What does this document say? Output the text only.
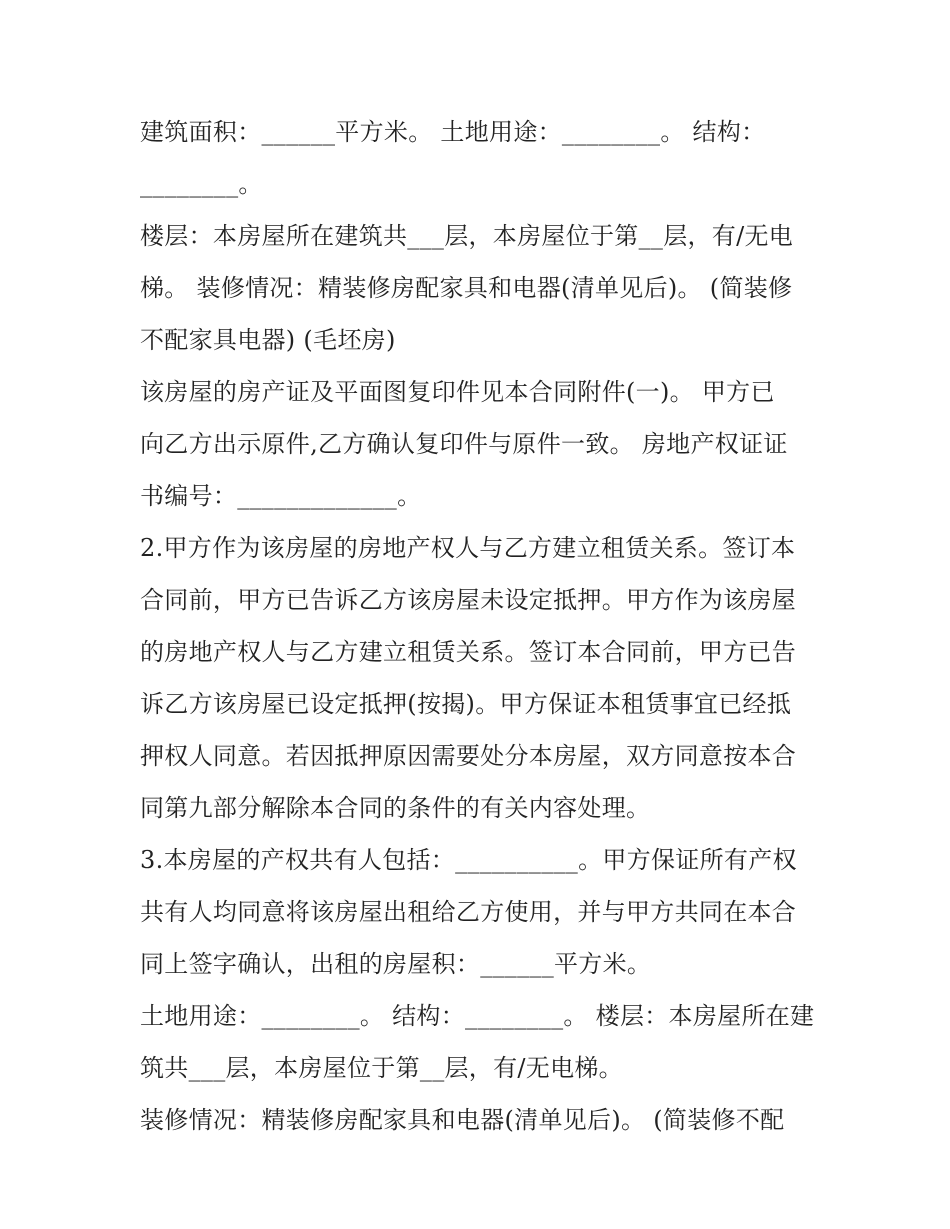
建筑面积：______平方米。 土地用途：________。 结构：
________。
楼层：本房屋所在建筑共___层，本房屋位于第__层，有/无电
梯。 装修情况：精装修房配家具和电器(清单见后)。 (简装修
不配家具电器) (毛坯房)
该房屋的房产证及平面图复印件见本合同附件(一)。 甲方已
向乙方出示原件,乙方确认复印件与原件一致。 房地产权证证
书编号：_____________。
2.甲方作为该房屋的房地产权人与乙方建立租赁关系。签订本
合同前，甲方已告诉乙方该房屋未设定抵押。甲方作为该房屋
的房地产权人与乙方建立租赁关系。签订本合同前，甲方已告
诉乙方该房屋已设定抵押(按揭)。甲方保证本租赁事宜已经抵
押权人同意。若因抵押原因需要处分本房屋，双方同意按本合
同第九部分解除本合同的条件的有关内容处理。
3.本房屋的产权共有人包括：__________。甲方保证所有产权
共有人均同意将该房屋出租给乙方使用，并与甲方共同在本合
同上签字确认，出租的房屋积：______平方米。
土地用途：________。 结构：________。 楼层：本房屋所在建
筑共___层，本房屋位于第__层，有/无电梯。
装修情况：精装修房配家具和电器(清单见后)。 (简装修不配
